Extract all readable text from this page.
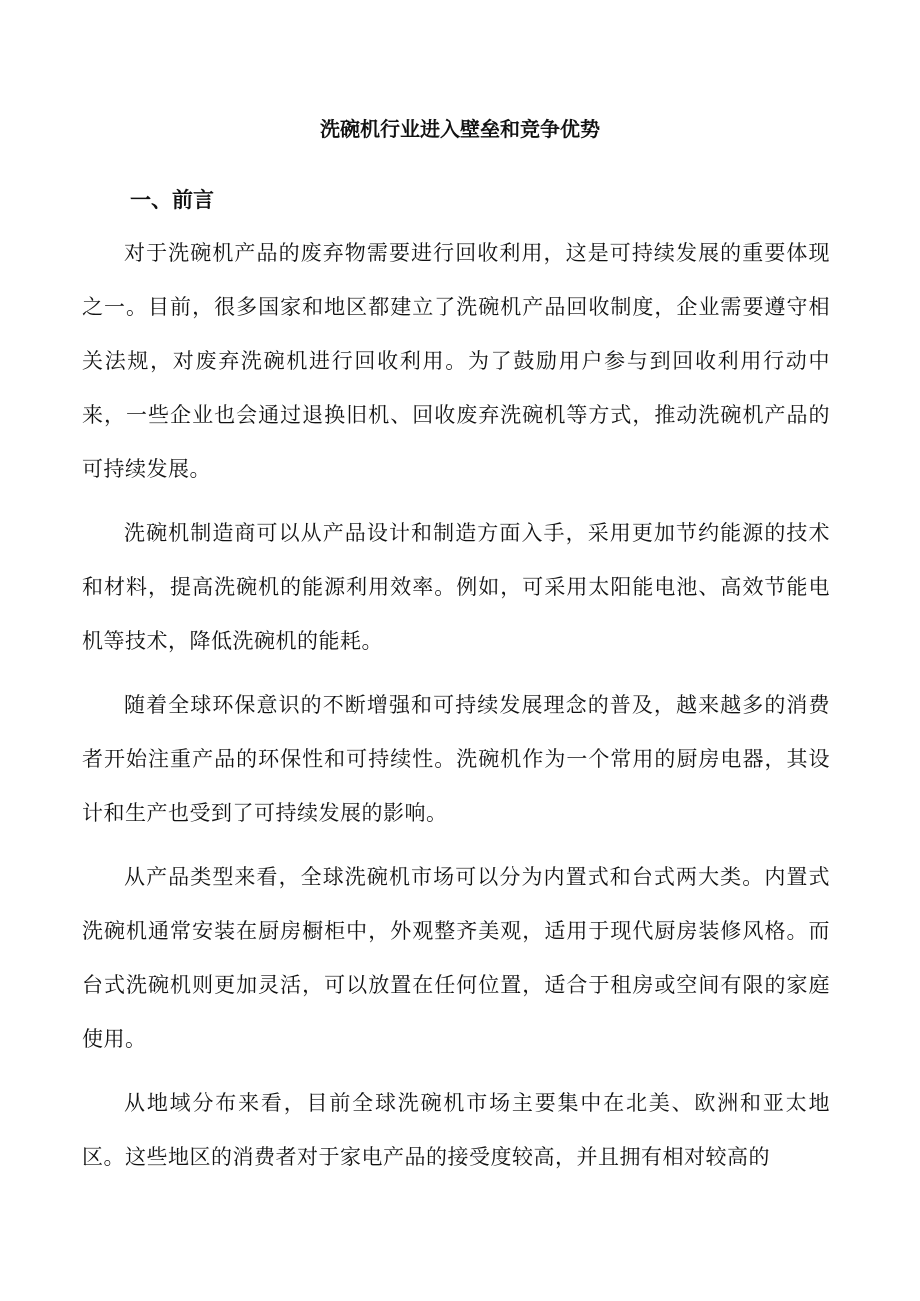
洗碗机行业进入壁垒和竞争优势
一、前言

对于洗碗机产品的废弃物需要进行回收利用，这是可持续发展的重要体现之一。目前，很多国家和地区都建立了洗碗机产品回收制度，企业需要遵守相关法规，对废弃洗碗机进行回收利用。为了鼓励用户参与到回收利用行动中来，一些企业也会通过退换旧机、回收废弃洗碗机等方式，推动洗碗机产品的可持续发展。

洗碗机制造商可以从产品设计和制造方面入手，采用更加节约能源的技术和材料，提高洗碗机的能源利用效率。例如，可采用太阳能电池、高效节能电机等技术，降低洗碗机的能耗。

随着全球环保意识的不断增强和可持续发展理念的普及，越来越多的消费者开始注重产品的环保性和可持续性。洗碗机作为一个常用的厨房电器，其设计和生产也受到了可持续发展的影响。

从产品类型来看，全球洗碗机市场可以分为内置式和台式两大类。内置式洗碗机通常安装在厨房橱柜中，外观整齐美观，适用于现代厨房装修风格。而台式洗碗机则更加灵活，可以放置在任何位置，适合于租房或空间有限的家庭使用。

从地域分布来看，目前全球洗碗机市场主要集中在北美、欧洲和亚太地区。这些地区的消费者对于家电产品的接受度较高，并且拥有相对较高的
